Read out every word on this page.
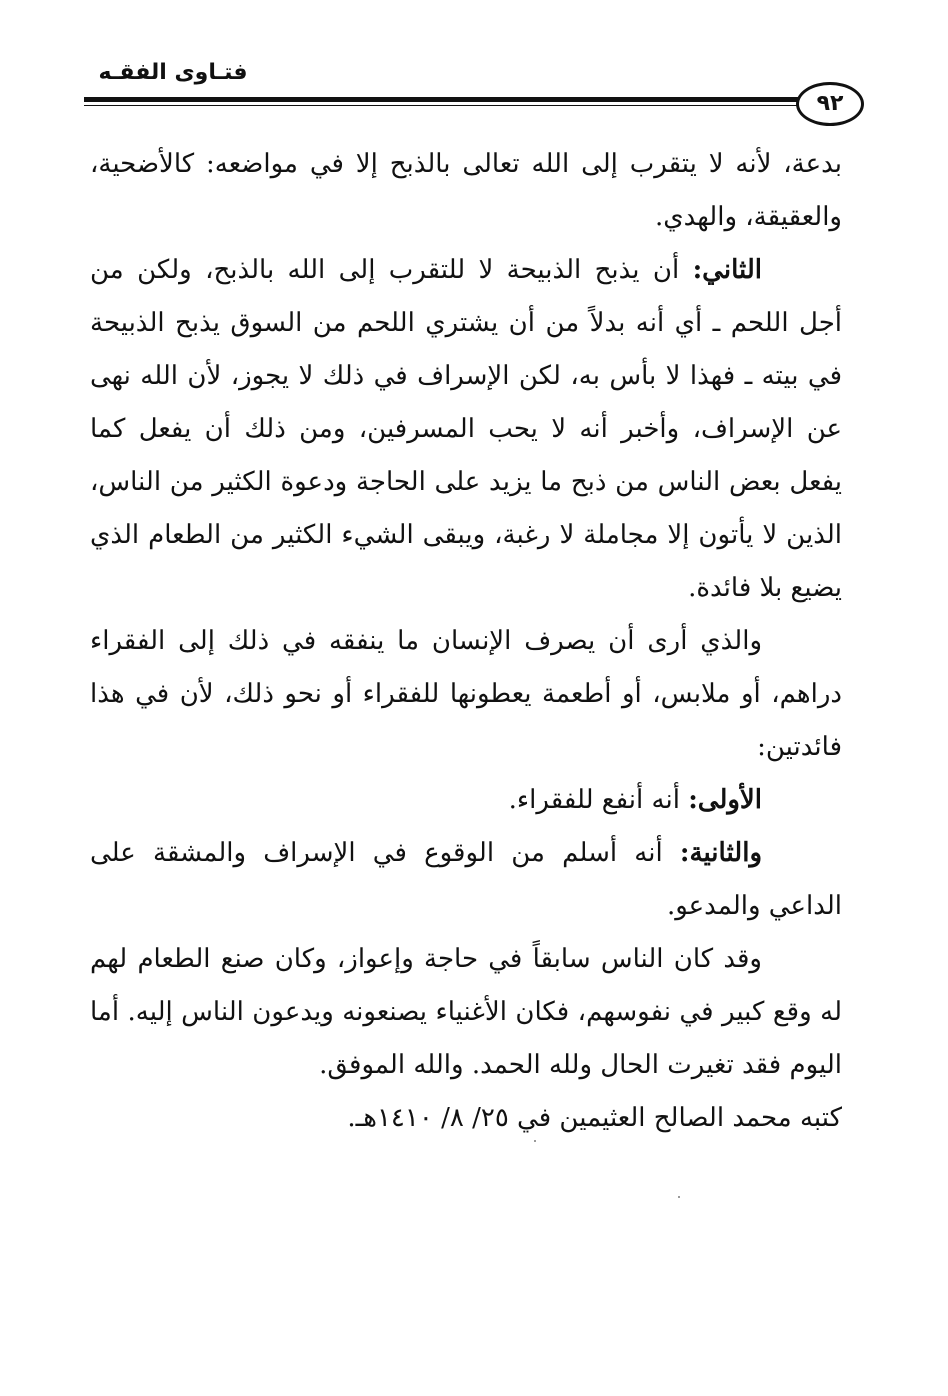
فتـاوى الفقـه
٩٢

بدعة، لأنه لا يتقرب إلى الله تعالى بالذبح إلا في مواضعه: كالأضحية، والعقيقة، والهدي.

الثاني: أن يذبح الذبيحة لا للتقرب إلى الله بالذبح، ولكن من أجل اللحم ـ أي أنه بدلاً من أن يشتري اللحم من السوق يذبح الذبيحة في بيته ـ فهذا لا بأس به، لكن الإسراف في ذلك لا يجوز، لأن الله نهى عن الإسراف، وأخبر أنه لا يحب المسرفين، ومن ذلك أن يفعل كما يفعل بعض الناس من ذبح ما يزيد على الحاجة ودعوة الكثير من الناس، الذين لا يأتون إلا مجاملة لا رغبة، ويبقى الشيء الكثير من الطعام الذي يضيع بلا فائدة.

والذي أرى أن يصرف الإنسان ما ينفقه في ذلك إلى الفقراء دراهم، أو ملابس، أو أطعمة يعطونها للفقراء أو نحو ذلك، لأن في هذا فائدتين:

الأولى: أنه أنفع للفقراء.

والثانية: أنه أسلم من الوقوع في الإسراف والمشقة على الداعي والمدعو.

وقد كان الناس سابقاً في حاجة وإعواز، وكان صنع الطعام لهم له وقع كبير في نفوسهم، فكان الأغنياء يصنعونه ويدعون الناس إليه. أما اليوم فقد تغيرت الحال ولله الحمد. والله الموفق.

كتبه محمد الصالح العثيمين في ٢٥/ ٨/ ١٤١٠هـ.
